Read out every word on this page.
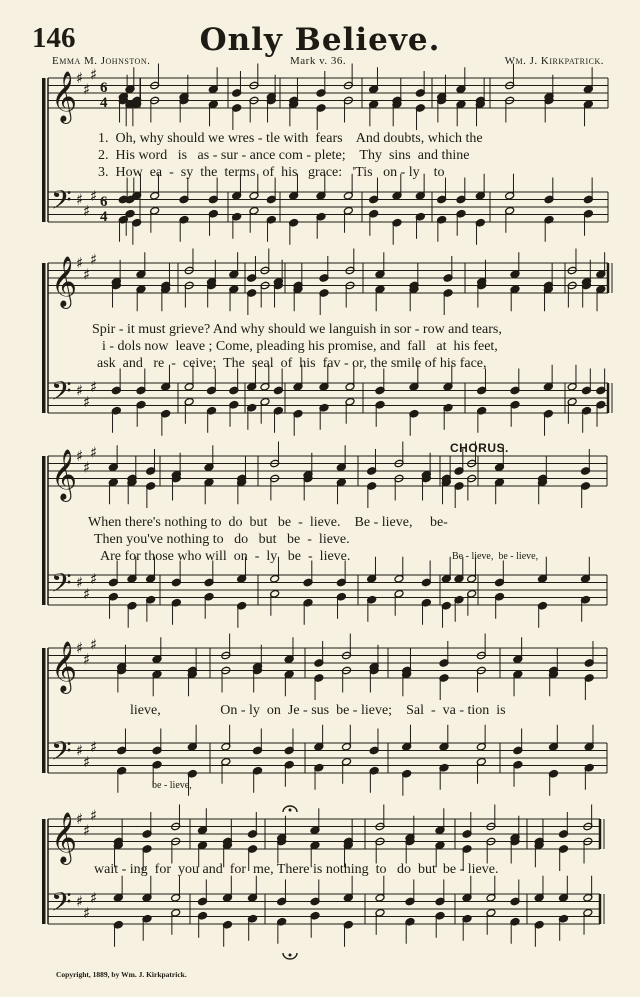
146	Only Believe.
Emma M. Johnston.	Mark v. 36.	Wm. J. Kirkpatrick.
𝄞
𝄢
♯
♯
♯
♯
♯
♯
6
4
6
4
𝄞
𝄢
♯
♯
♯
♯
♯
♯
𝄞
𝄢
♯
♯
♯
♯
♯
♯
𝄞
𝄢
♯
♯
♯
♯
♯
♯
𝄞
𝄢
♯
♯
♯
♯
♯
♯
1.  Oh, why should we wres - tle with  fears    And doubts, which the
2.  His word   is   as - sur - ance com - plete;    Thy  sins  and thine
3.  How  ea  -  sy  the  terms  of  his   grace:   'Tis   on - ly    to
Spir - it must grieve? And why should we languish in sor - row and tears,
i - dols now  leave ; Come, pleading his promise, and  fall   at  his feet,
ask  and   re  -  ceive;  The  seal  of  his  fav - or, the smile of his face,
CHORUS.
When there's nothing to  do  but   be  -  lieve.    Be - lieve,     be-
Then you've nothing to   do   but   be  -  lieve.
Are for those who will  on  -  ly   be  -  lieve.	Be - lieve,  be - lieve,
lieve,                 On - ly  on  Je - sus  be - lieve;    Sal  -  va - tion  is
be - lieve,
wait - ing  for  you and  for  me, There is nothing  to   do  but  be - lieve.
Copyright, 1889, by Wm. J. Kirkpatrick.
